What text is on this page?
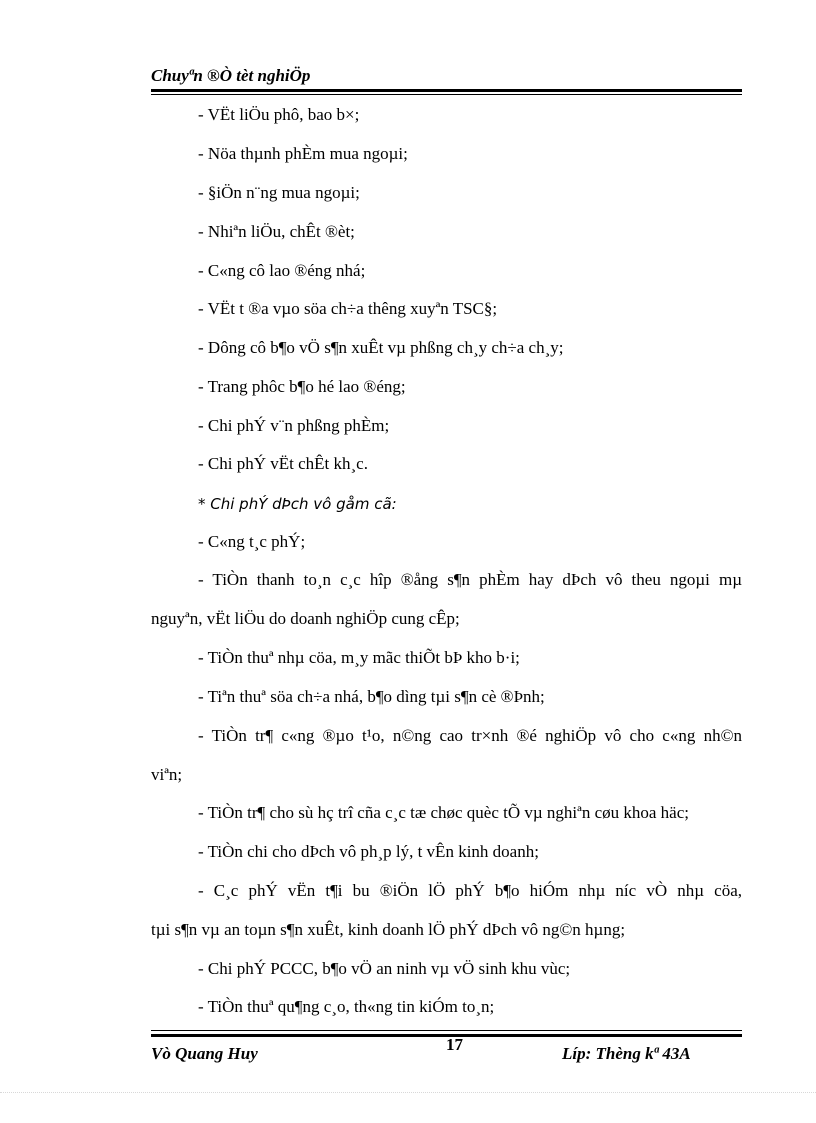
Chuyªn ®Ò tèt nghiÖp
- VËt liÖu phô, bao b×;
- Nöa thµnh phÈm mua ngoµi;
- §iÖn n¨ng mua ngoµi;
- Nhiªn liÖu, chÊt ®èt;
- C«ng cô lao ®éng nhá;
- VËt t ®a vµo söa ch÷a thêng xuyªn TSC§;
- Dông cô b¶o vÖ s¶n xuÊt vµ phßng ch¸y ch÷a ch¸y;
- Trang phôc b¶o hé lao ®éng;
- Chi phÝ v¨n phßng phÈm;
- Chi phÝ vËt chÊt kh¸c.
* Chi phÝ dÞch vô gåm cã:
- C«ng t¸c phÝ;
- TiÒn thanh to¸n c¸c hîp ®ång s¶n phÈm hay dÞch vô theu ngoµi mµ
nguyªn, vËt liÖu do doanh nghiÖp cung cÊp;
- TiÒn thuª nhµ cöa, m¸y mãc thiÕt bÞ kho b·i;
- Tiªn thuª söa ch÷a nhá, b¶o dìng tµi s¶n cè ®Þnh;
- TiÒn tr¶ c«ng ®µo t¹o, n©ng cao tr×nh ®é nghiÖp vô cho c«ng nh©n
viªn;
- TiÒn tr¶ cho sù hç trî cña c¸c tæ chøc quèc tÕ vµ nghiªn cøu khoa häc;
- TiÒn chi cho dÞch vô ph¸p lý, t vÊn kinh doanh;
- C¸c phÝ vËn t¶i bu ®iÖn lÖ phÝ b¶o hiÓm nhµ níc vÒ nhµ cöa,
tµi s¶n vµ an toµn s¶n xuÊt, kinh doanh lÖ phÝ dÞch vô ng©n hµng;
- Chi phÝ PCCC, b¶o vÖ an ninh vµ vÖ sinh khu vùc;
- TiÒn thuª qu¶ng c¸o, th«ng tin kiÓm to¸n;
17
Vò Quang Huy	Líp: Thèng kª 43A
